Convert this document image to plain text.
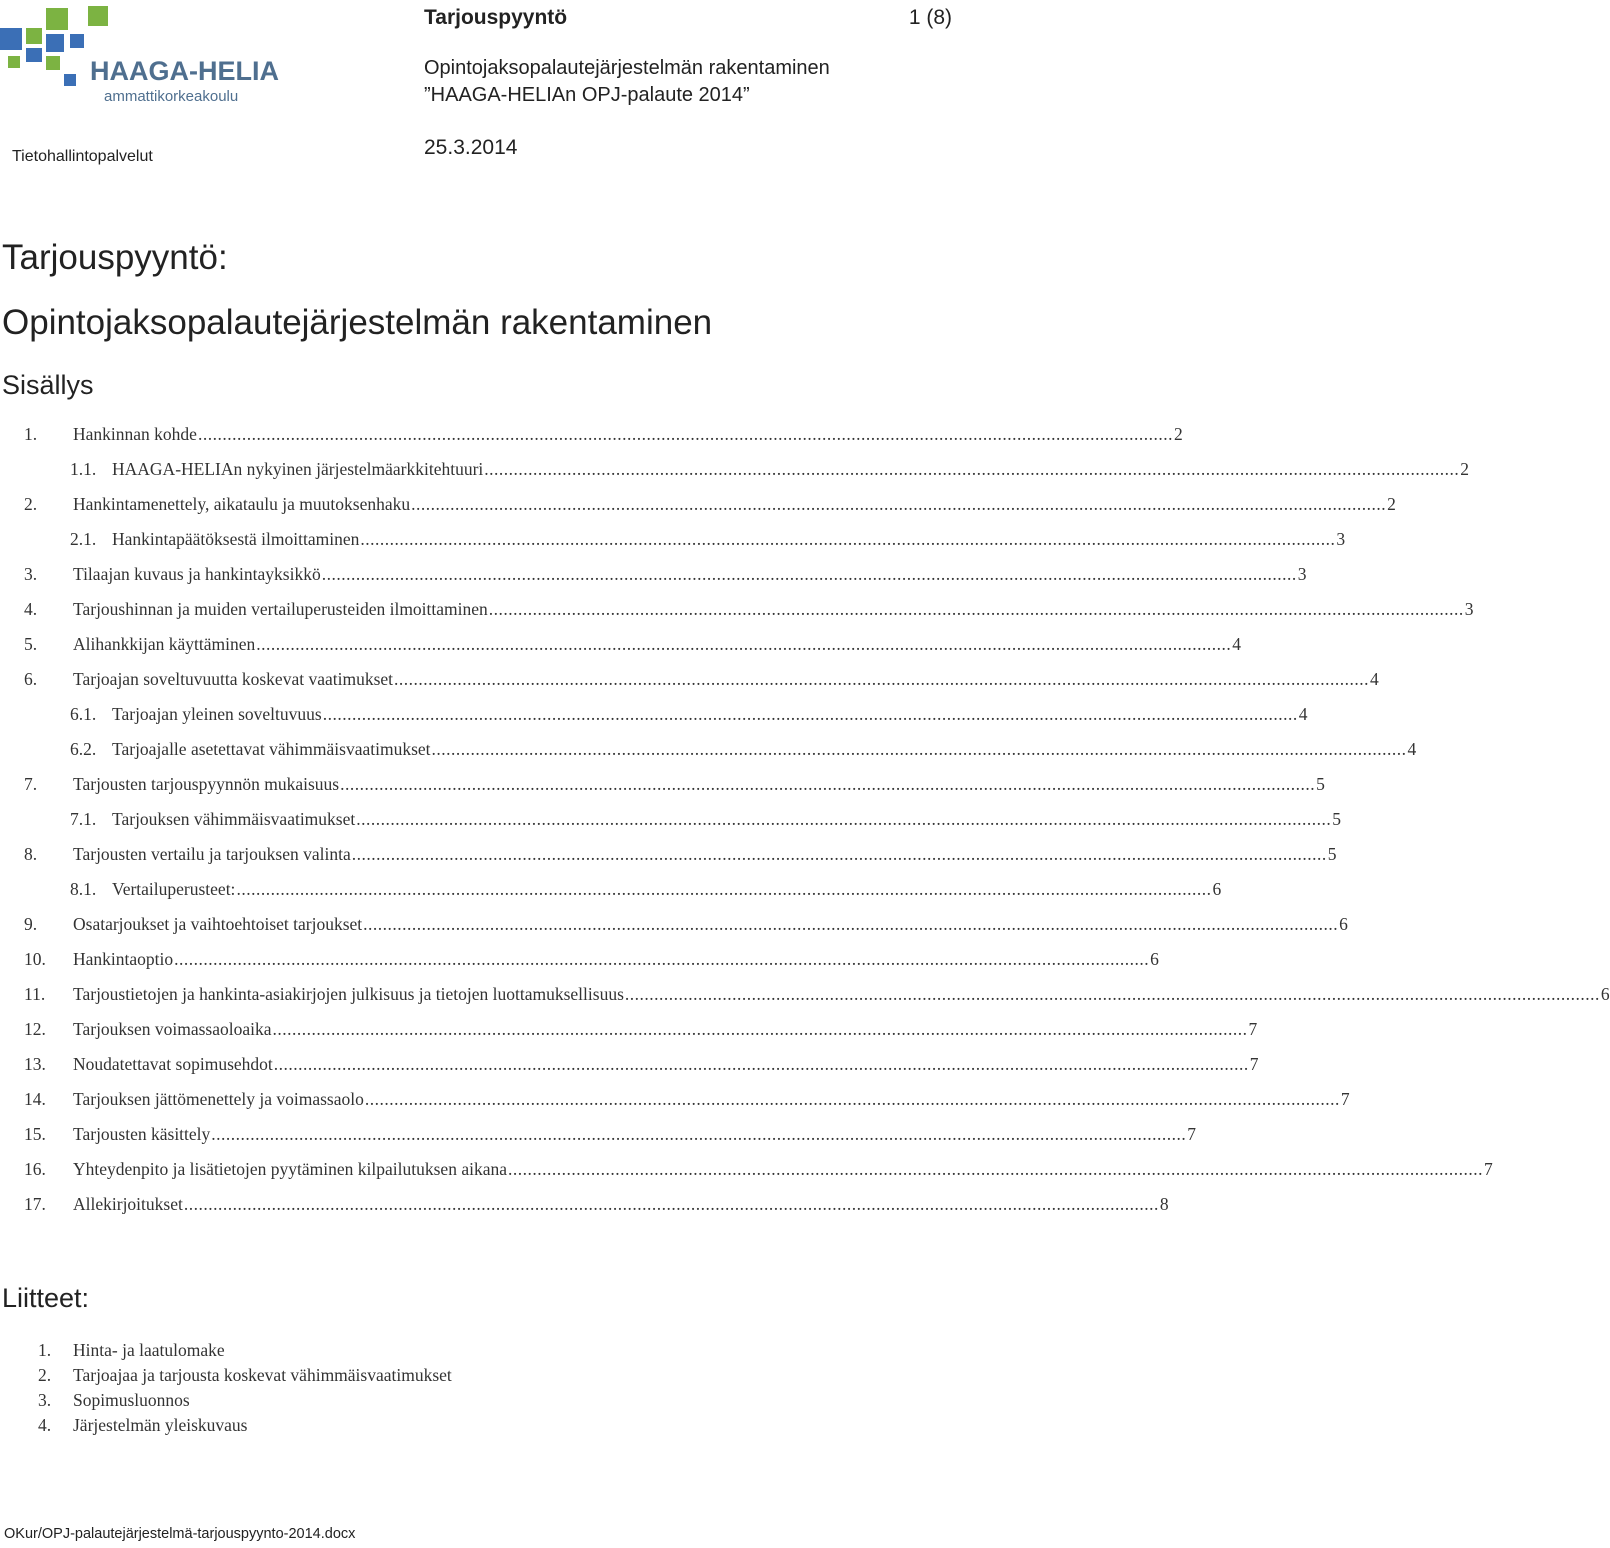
HAAGA-HELIA
ammattikorkeakoulu
Tarjouspyyntö	1 (8)
Opintojaksopalautejärjestelmän rakentaminen
”HAAGA-HELIAn OPJ-palaute 2014”
Tietohallintopalvelut	25.3.2014
Tarjouspyyntö:
Opintojaksopalautejärjestelmän rakentaminen
Sisällys
1.	Hankinnan kohde ........................................................................................................................................................................................................ 2
1.1. HAAGA-HELIAn nykyinen järjestelmäarkkitehtuuri ........................................................................................................................................................................................................ 2
2.	Hankintamenettely, aikataulu ja muutoksenhaku ........................................................................................................................................................................................................ 2
2.1. Hankintapäätöksestä ilmoittaminen ........................................................................................................................................................................................................ 3
3.	Tilaajan kuvaus ja hankintayksikkö ........................................................................................................................................................................................................ 3
4.	Tarjoushinnan ja muiden vertailuperusteiden ilmoittaminen ........................................................................................................................................................................................................ 3
5.	Alihankkijan käyttäminen ........................................................................................................................................................................................................ 4
6.	Tarjoajan soveltuvuutta koskevat vaatimukset ........................................................................................................................................................................................................ 4
6.1. Tarjoajan yleinen soveltuvuus ........................................................................................................................................................................................................ 4
6.2. Tarjoajalle asetettavat vähimmäisvaatimukset ........................................................................................................................................................................................................ 4
7.	Tarjousten tarjouspyynnön mukaisuus ........................................................................................................................................................................................................ 5
7.1. Tarjouksen vähimmäisvaatimukset ........................................................................................................................................................................................................ 5
8.	Tarjousten vertailu ja tarjouksen valinta ........................................................................................................................................................................................................ 5
8.1. Vertailuperusteet: ........................................................................................................................................................................................................ 6
9.	Osatarjoukset ja vaihtoehtoiset tarjoukset ........................................................................................................................................................................................................ 6
10.	Hankintaoptio ........................................................................................................................................................................................................ 6
11.	Tarjoustietojen ja hankinta-asiakirjojen julkisuus ja tietojen luottamuksellisuus ........................................................................................................................................................................................................ 6
12.	Tarjouksen voimassaoloaika ........................................................................................................................................................................................................ 7
13.	Noudatettavat sopimusehdot ........................................................................................................................................................................................................ 7
14.	Tarjouksen jättömenettely ja voimassaolo ........................................................................................................................................................................................................ 7
15.	Tarjousten käsittely ........................................................................................................................................................................................................ 7
16.	Yhteydenpito ja lisätietojen pyytäminen kilpailutuksen aikana ........................................................................................................................................................................................................ 7
17.	Allekirjoitukset ........................................................................................................................................................................................................ 8
Liitteet:
1. Hinta- ja laatulomake
2. Tarjoajaa ja tarjousta koskevat vähimmäisvaatimukset
3. Sopimusluonnos
4. Järjestelmän yleiskuvaus
OKur/OPJ-palautejärjestelmä-tarjouspyynto-2014.docx
